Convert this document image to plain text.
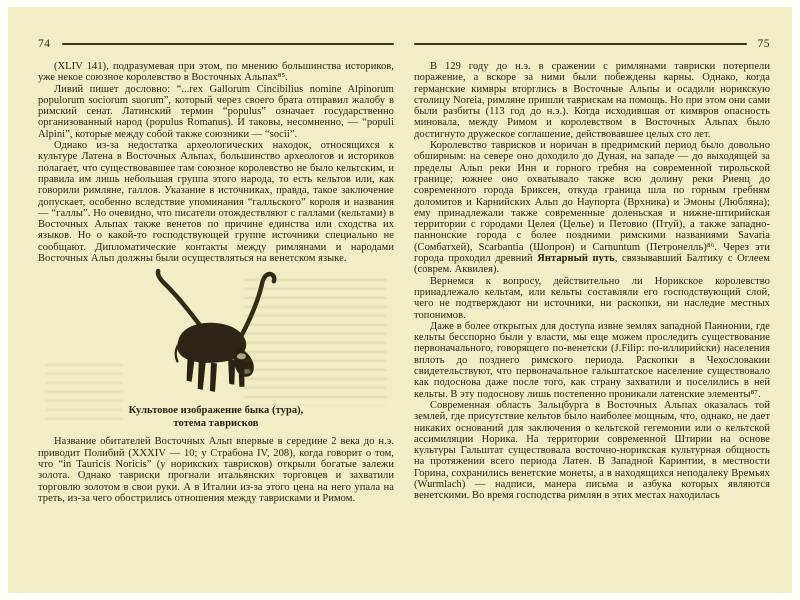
74

(XLIV 141), подразумевая при этом, по мнению большинства историков, уже некое союзное королевство в Восточных Альпах⁸⁵.

Ливий пишет дословно: “...rex Gallorum Cincibilius nomine Alpinorum populorum sociorum suorum”, который через своего брата отправил жалобу в римский сенат. Латинский термин “populus” означает государственно организованный народ (populus Romanus). И таковы, несомненно, — “populi Alpini”, которые между собой также союзники — “socii”.

Однако из-за недостатка археологических находок, относящихся к культуре Латена в Восточных Альпах, большинство археологов и историков полагает, что существовавшее там союзное королевство не было кельтским, и правила им лишь небольшая группа этого народа, то есть кельтов или, как говорили римляне, галлов. Указание в источниках, правда, такое заключение допускает, особенно вследствие упоминания “галльского” короля и названия — “галлы”. Но очевидно, что писатели отождествляют с галлами (кельтами) в Восточных Альпах также венетов по причине единства или сходства их языков. Но о какой-то господствующей группе источники специально не сообщают. Дипломатические контакты между римлянами и народами Восточных Альп должны были осуществляться на венетском языке.

Культовое изображение быка (тура),
тотема таврисков

Название обитателей Восточных Альп впервые в середине 2 века до н.э. приводит Полибий (XXXIV — 10; у Страбона IV, 208), когда говорит о том, что “in Tauricis Noricis” (у норикских таврисков) открыли богатые залежи золота. Однако тавриски прогнали итальянских торговцев и захватили торговлю золотом в свои руки. А в Италии из-за этого цена на него упала на треть, из-за чего обострились отношения между таврисками и Римом.

75

В 129 году до н.э. в сражении с римлянами тавриски потерпели поражение, а вскоре за ними были побеждены карны. Однако, когда германские кимвры вторглись в Восточные Альпы и осадили норикскую столицу Noreia, римляне пришли таврискам на помощь. Но при этом они сами были разбиты (113 год до н.э.). Когда исходившая от кимвров опасность миновала, между Римом и королевством в Восточных Альпах было достигнуто дружеское соглашение, действовавшее целых сто лет.

Королевство таврисков и норичан в предримский период было довольно обширным: на севере оно доходило до Дуная, на западе — до выходящей за пределы Альп реки Инн и горного гребня на современной тирольской границе; южнее оно охватывало также всю долину реки Риенц до современного города Бриксен, откуда граница шла по горным гребням доломитов и Карнийских Альп до Наупорта (Врхника) и Эмоны (Любляна); ему принадлежали также современные доленьская и нижне-штирийская территории с городами Целея (Целье) и Петовио (Птуй), а также западно-паннонские города с более поздними римскими названиями Savaria (Сомбатхей), Scarbantia (Шопрон) и Carnuntum (Петронелль)⁸⁶. Через эти города проходил древний Янтарный путь, связывавший Балтику с Оглеем (соврем. Аквилея).

Вернемся к вопросу, действительно ли Норикское королевство принадлежало кельтам, или кельты составляли его господствующий слой, чего не подтверждают ни источники, ни раскопки, ни наследие местных топонимов.

Даже в более открытых для доступа извне землях западной Паннонии, где кельты бесспорно были у власти, мы еще можем проследить существование первоначального, говорящего по-венетски (J.Filip: по-иллирийски) населения вплоть до позднего римского периода. Раскопки в Чехословакии свидетельствуют, что первоначальное гальштатское население существовало как подоснова даже после того, как страну захватили и поселились в ней кельты. В эту подоснову лишь постепенно проникали латенские элементы⁸⁷.

Современная область Зальцбурга в Восточных Альпах оказалась той землей, где присутствие кельтов было наиболее мощным, что, однако, не дает никаких оснований для заключения о кельтской гегемонии или о кельтской ассимиляции Норика. На территории современной Штирии на основе культуры Гальштат существовала восточно-норикская культурная общность на протяжении всего периода Латен. В Западной Каринтии, в местности Горина, сохранились венетские монеты, а в находящихся неподалеку Времьях (Wurmlach) — надписи, манера письма и азбука которых являются венетскими. Во время господства римлян в этих местах находилась
